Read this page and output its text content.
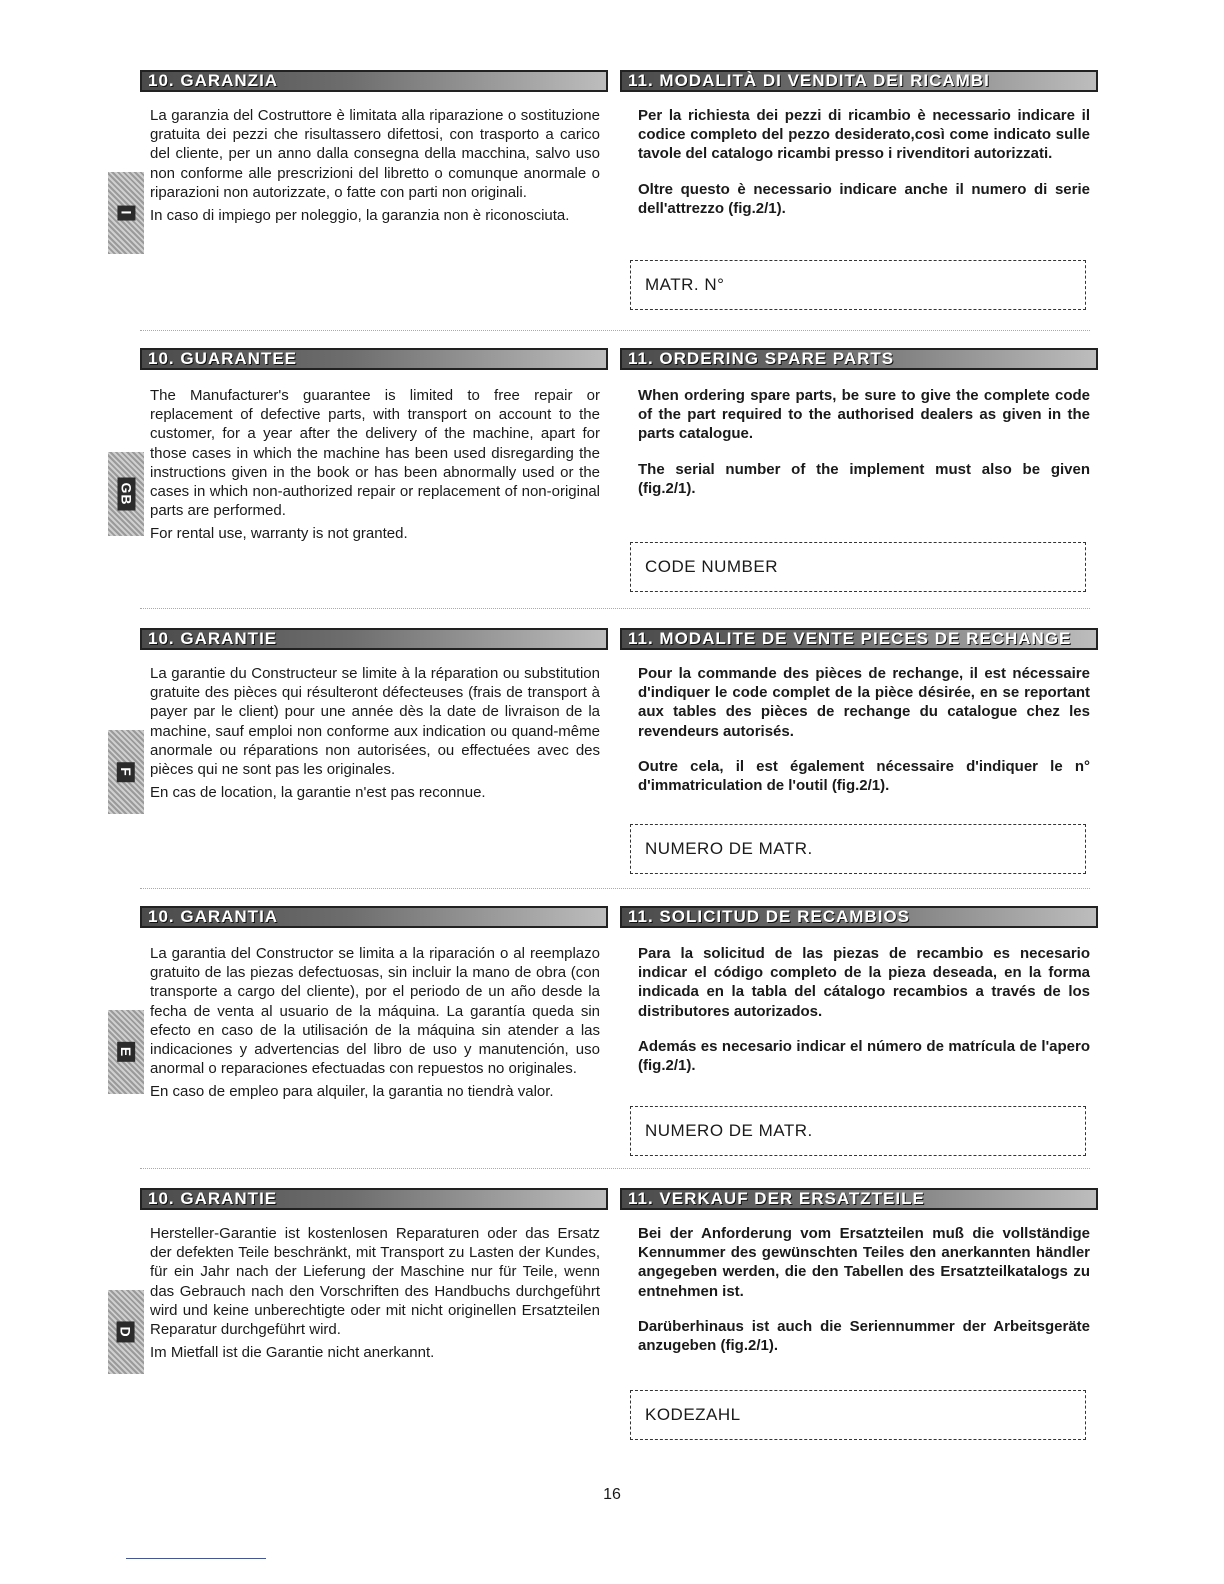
10. GARANZIA	11. MODALITÀ DI VENDITA DEI RICAMBI
I

La garanzia del Costruttore è limitata alla riparazione o sostituzione gratuita dei pezzi che risultassero difettosi, con trasporto a carico del cliente, per un anno dalla consegna della macchina, salvo uso non conforme alle prescrizioni del libretto o comunque anormale o riparazioni non autorizzate, o fatte con parti non originali.

In caso di impiego per noleggio, la garanzia non è riconosciuta.

Per la richiesta dei pezzi di ricambio è necessario indicare il codice completo del pezzo desiderato,così come indicato sulle tavole del catalogo ricambi presso i rivenditori autorizzati.

Oltre questo è necessario indicare anche il numero di serie dell'attrezzo (fig.2/1).

MATR. N°
10. GUARANTEE	11. ORDERING SPARE PARTS
GB

The Manufacturer's guarantee is limited to free repair or replacement of defective parts, with transport on account to the customer, for a year after the delivery of the machine, apart for those cases in which the machine has been used disregarding the instructions given in the book or has been abnormally used or the cases in which non-authorized repair or replacement of non-original parts are performed.

For rental use, warranty is not granted.

When ordering spare parts, be sure to give the complete code of the part required to the authorised dealers as given in the parts catalogue.

The serial number of the implement must also be given (fig.2/1).

CODE NUMBER
10. GARANTIE	11. MODALITE DE VENTE PIECES DE RECHANGE
F

La garantie du Constructeur se limite à la réparation ou substitution gratuite des pièces qui résulteront défecteuses (frais de transport à payer par le client) pour une année dès la date de livraison de la machine, sauf emploi non conforme aux indication ou quand-même anormale ou réparations non autorisées, ou effectuées avec des pièces qui ne sont pas les originales.

En cas de location, la garantie n'est pas reconnue.

Pour la commande des pièces de rechange, il est nécessaire d'indiquer le code complet de la pièce désirée, en se reportant aux tables des pièces de rechange du catalogue chez les revendeurs autorisés.

Outre cela, il est également nécessaire d'indiquer le n° d'immatriculation de l'outil (fig.2/1).

NUMERO DE MATR.
10. GARANTIA	11. SOLICITUD DE RECAMBIOS
E

La garantia del Constructor se limita a la riparación o al reemplazo gratuito de las piezas defectuosas, sin incluir la mano de obra (con transporte a cargo del cliente), por el periodo de un año desde la fecha de venta al usuario de la máquina. La garantía queda sin efecto en caso de la utilisación de la máquina sin atender a las indicaciones y advertencias del libro de uso y manutención, uso anormal o reparaciones efectuadas con repuestos no originales.

En caso de empleo para alquiler, la garantia no tiendrà valor.

Para la solicitud de las piezas de recambio es necesario indicar el código completo de la pieza deseada, en la forma indicada en la tabla del cátalogo recambios a través de los distributores autorizados.

Además es necesario indicar el número de matrícula de l'apero (fig.2/1).

NUMERO DE MATR.
10. GARANTIE	11. VERKAUF DER ERSATZTEILE
D

Hersteller-Garantie ist kostenlosen Reparaturen oder das Ersatz der defekten Teile beschränkt, mit Transport zu Lasten der Kundes, für ein Jahr nach der Lieferung der Maschine nur für Teile, wenn das Gebrauch nach den Vorschriften des Handbuchs durchgeführt wird und keine unberechtigte oder mit nicht originellen Ersatzteilen Reparatur durchgeführt wird.

Im Mietfall ist die Garantie nicht anerkannt.

Bei der Anforderung vom Ersatzteilen muß die vollständige Kennummer des gewünschten Teiles den anerkannten händler angegeben werden, die den Tabellen des Ersatzteilkatalogs zu entnehmen ist.

Darüberhinaus ist auch die Seriennummer der Arbeitsgeräte anzugeben (fig.2/1).

KODEZAHL
16
